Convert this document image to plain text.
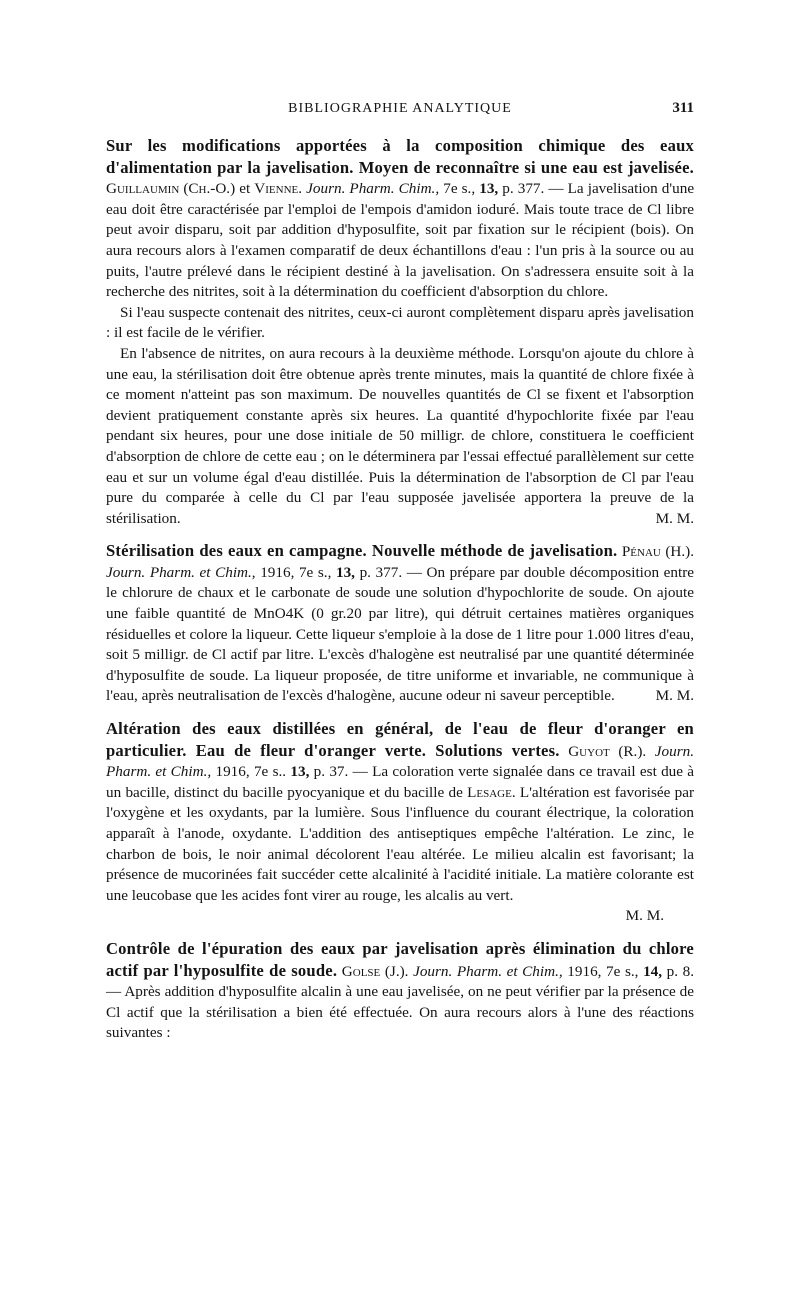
BIBLIOGRAPHIE ANALYTIQUE	311

Sur les modifications apportées à la composition chimique des eaux d'alimentation par la javelisation. Moyen de reconnaître si une eau est javelisée. Guillaumin (Ch.-O.) et Vienne. Journ. Pharm. Chim., 7e s., 13, p. 377. — La javelisation d'une eau doit être caractérisée par l'emploi de l'empois d'amidon ioduré. Mais toute trace de Cl libre peut avoir disparu, soit par addition d'hyposulfite, soit par fixation sur le récipient (bois). On aura recours alors à l'examen comparatif de deux échantillons d'eau : l'un pris à la source ou au puits, l'autre prélevé dans le récipient destiné à la javelisation. On s'adressera ensuite soit à la recherche des nitrites, soit à la détermination du coefficient d'absorption du chlore.

Si l'eau suspecte contenait des nitrites, ceux-ci auront complètement disparu après javelisation : il est facile de le vérifier.

En l'absence de nitrites, on aura recours à la deuxième méthode. Lorsqu'on ajoute du chlore à une eau, la stérilisation doit être obtenue après trente minutes, mais la quantité de chlore fixée à ce moment n'atteint pas son maximum. De nouvelles quantités de Cl se fixent et l'absorption devient pratiquement constante après six heures. La quantité d'hypochlorite fixée par l'eau pendant six heures, pour une dose initiale de 50 milligr. de chlore, constituera le coefficient d'absorption de chlore de cette eau ; on le déterminera par l'essai effectué parallèlement sur cette eau et sur un volume égal d'eau distillée. Puis la détermination de l'absorption de Cl par l'eau pure du comparée à celle du Cl par l'eau supposée javelisée apportera la preuve de la stérilisation.	M. M.

Stérilisation des eaux en campagne. Nouvelle méthode de javelisation. Pénau (H.). Journ. Pharm. et Chim., 1916, 7e s., 13, p. 377. — On prépare par double décomposition entre le chlorure de chaux et le carbonate de soude une solution d'hypochlorite de soude. On ajoute une faible quantité de MnO4K (0 gr.20 par litre), qui détruit certaines matières organiques résiduelles et colore la liqueur. Cette liqueur s'emploie à la dose de 1 litre pour 1.000 litres d'eau, soit 5 milligr. de Cl actif par litre. L'excès d'halogène est neutralisé par une quantité déterminée d'hyposulfite de soude. La liqueur proposée, de titre uniforme et invariable, ne communique à l'eau, après neutralisation de l'excès d'halogène, aucune odeur ni saveur perceptible.	M. M.

Altération des eaux distillées en général, de l'eau de fleur d'oranger en particulier. Eau de fleur d'oranger verte. Solutions vertes. Guyot (R.). Journ. Pharm. et Chim., 1916, 7e s.. 13, p. 37. — La coloration verte signalée dans ce travail est due à un bacille, distinct du bacille pyocyanique et du bacille de Lesage. L'altération est favorisée par l'oxygène et les oxydants, par la lumière. Sous l'influence du courant électrique, la coloration apparaît à l'anode, oxydante. L'addition des antiseptiques empêche l'altération. Le zinc, le charbon de bois, le noir animal décolorent l'eau altérée. Le milieu alcalin est favorisant; la présence de mucorinées fait succéder cette alcalinité à l'acidité initiale. La matière colorante est une leucobase que les acides font virer au rouge, les alcalis au vert.

M. M.

Contrôle de l'épuration des eaux par javelisation après élimination du chlore actif par l'hyposulfite de soude. Golse (J.). Journ. Pharm. et Chim., 1916, 7e s., 14, p. 8. — Après addition d'hyposulfite alcalin à une eau javelisée, on ne peut vérifier par la présence de Cl actif que la stérilisation a bien été effectuée. On aura recours alors à l'une des réactions suivantes :
